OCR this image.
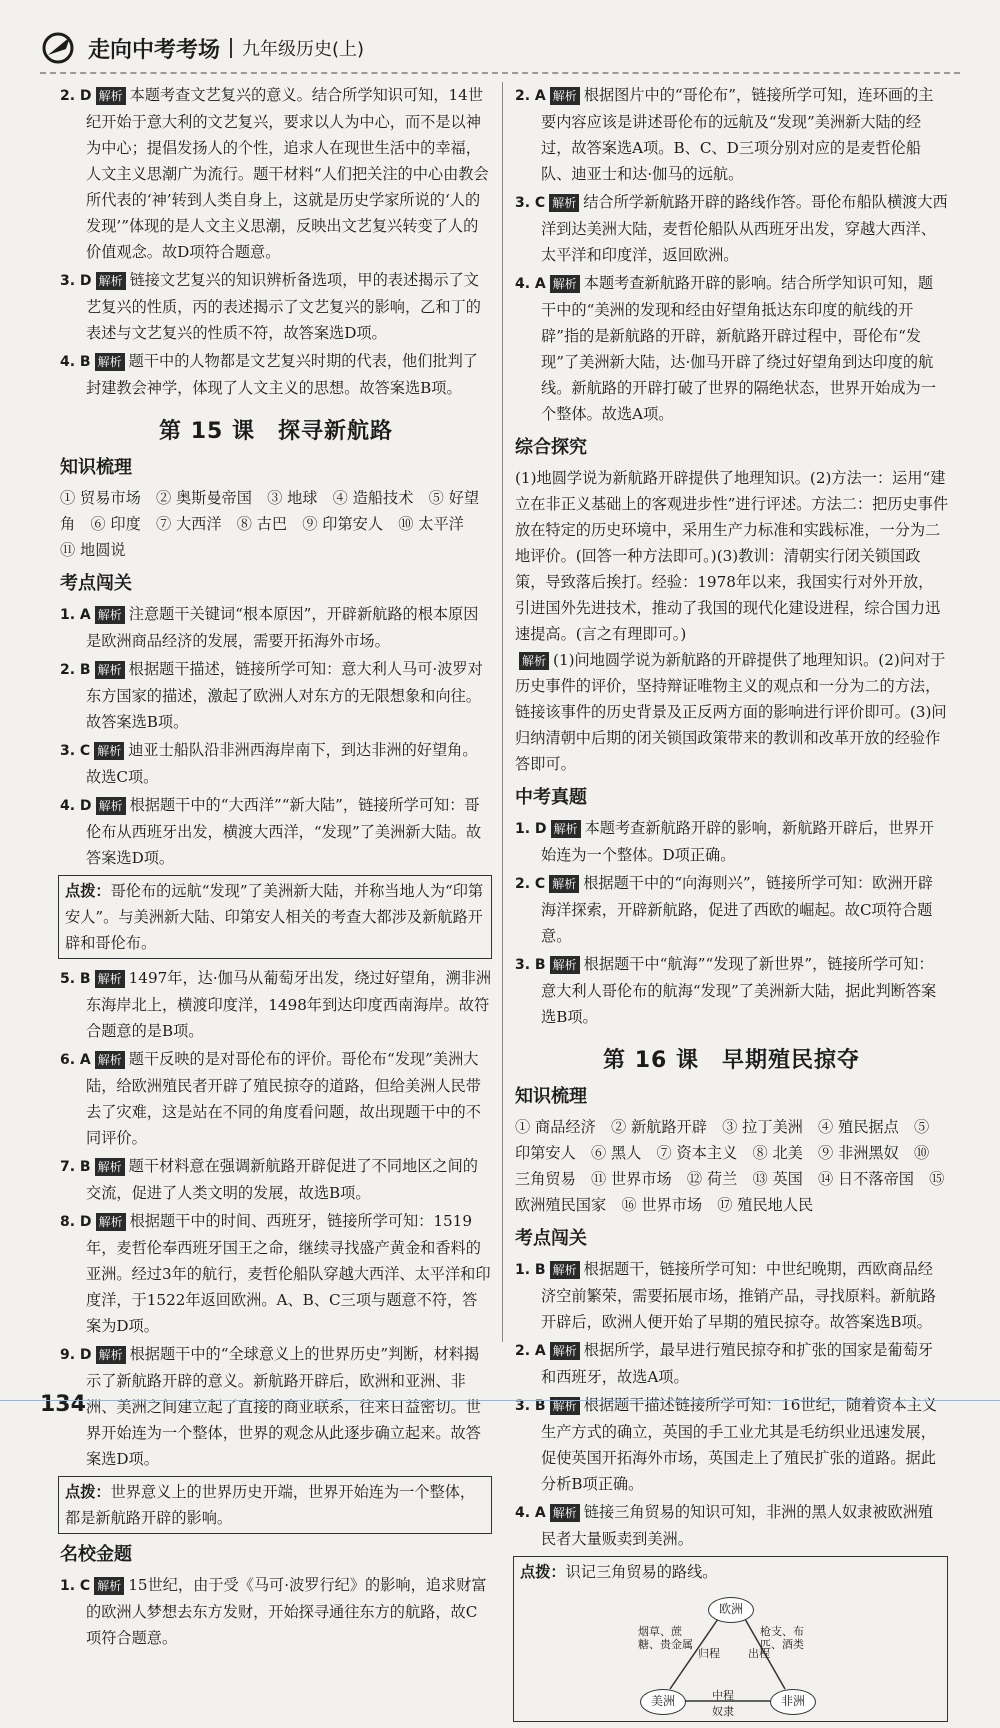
走向中考考场 九年级历史(上)
2. D 解析 本题考查文艺复兴的意义。结合所学知识可知，14世纪开始于意大利的文艺复兴，要求以人为中心，而不是以神为中心；提倡发扬人的个性，追求人在现世生活中的幸福，人文主义思潮广为流行。题干材料“人们把关注的中心由教会所代表的‘神’转到人类自身上，这就是历史学家所说的‘人的发现’”体现的是人文主义思潮，反映出文艺复兴转变了人的价值观念。故D项符合题意。
3. D 解析 链接文艺复兴的知识辨析备选项，甲的表述揭示了文艺复兴的性质，丙的表述揭示了文艺复兴的影响，乙和丁的表述与文艺复兴的性质不符，故答案选D项。
4. B 解析 题干中的人物都是文艺复兴时期的代表，他们批判了封建教会神学，体现了人文主义的思想。故答案选B项。
第 15 课　探寻新航路
知识梳理
① 贸易市场　② 奥斯曼帝国　③ 地球　④ 造船技术　⑤ 好望角　⑥ 印度　⑦ 大西洋　⑧ 古巴　⑨ 印第安人　⑩ 太平洋　⑪ 地圆说
考点闯关
1. A 解析 注意题干关键词“根本原因”，开辟新航路的根本原因是欧洲商品经济的发展，需要开拓海外市场。
2. B 解析 根据题干描述，链接所学可知：意大利人马可·波罗对东方国家的描述，激起了欧洲人对东方的无限想象和向往。故答案选B项。
3. C 解析 迪亚士船队沿非洲西海岸南下，到达非洲的好望角。故选C项。
4. D 解析 根据题干中的“大西洋”“新大陆”，链接所学可知：哥伦布从西班牙出发，横渡大西洋，“发现”了美洲新大陆。故答案选D项。
点拨：哥伦布的远航“发现”了美洲新大陆，并称当地人为“印第安人”。与美洲新大陆、印第安人相关的考查大都涉及新航路开辟和哥伦布。
5. B 解析 1497年，达·伽马从葡萄牙出发，绕过好望角，溯非洲东海岸北上，横渡印度洋，1498年到达印度西南海岸。故符合题意的是B项。
6. A 解析 题干反映的是对哥伦布的评价。哥伦布“发现”美洲大陆，给欧洲殖民者开辟了殖民掠夺的道路，但给美洲人民带去了灾难，这是站在不同的角度看问题，故出现题干中的不同评价。
7. B 解析 题干材料意在强调新航路开辟促进了不同地区之间的交流，促进了人类文明的发展，故选B项。
8. D 解析 根据题干中的时间、西班牙，链接所学可知：1519年，麦哲伦奉西班牙国王之命，继续寻找盛产黄金和香料的亚洲。经过3年的航行，麦哲伦船队穿越大西洋、太平洋和印度洋，于1522年返回欧洲。A、B、C三项与题意不符，答案为D项。
9. D 解析 根据题干中的“全球意义上的世界历史”判断，材料揭示了新航路开辟的意义。新航路开辟后，欧洲和亚洲、非洲、美洲之间建立起了直接的商业联系，往来日益密切。世界开始连为一个整体，世界的观念从此逐步确立起来。故答案选D项。
点拨：世界意义上的世界历史开端，世界开始连为一个整体，都是新航路开辟的影响。
名校金题
1. C 解析 15世纪，由于受《马可·波罗行纪》的影响，追求财富的欧洲人梦想去东方发财，开始探寻通往东方的航路，故C项符合题意。
2. A 解析 根据图片中的“哥伦布”，链接所学可知，连环画的主要内容应该是讲述哥伦布的远航及“发现”美洲新大陆的经过，故答案选A项。B、C、D三项分别对应的是麦哲伦船队、迪亚士和达·伽马的远航。
3. C 解析 结合所学新航路开辟的路线作答。哥伦布船队横渡大西洋到达美洲大陆，麦哲伦船队从西班牙出发，穿越大西洋、太平洋和印度洋，返回欧洲。
4. A 解析 本题考查新航路开辟的影响。结合所学知识可知，题干中的“美洲的发现和经由好望角抵达东印度的航线的开辟”指的是新航路的开辟，新航路开辟过程中，哥伦布“发现”了美洲新大陆，达·伽马开辟了绕过好望角到达印度的航线。新航路的开辟打破了世界的隔绝状态，世界开始成为一个整体。故选A项。
综合探究
(1)地圆学说为新航路开辟提供了地理知识。(2)方法一：运用“建立在非正义基础上的客观进步性”进行评述。方法二：把历史事件放在特定的历史环境中，采用生产力标准和实践标准，一分为二地评价。(回答一种方法即可。)(3)教训：清朝实行闭关锁国政策，导致落后挨打。经验：1978年以来，我国实行对外开放，引进国外先进技术，推动了我国的现代化建设进程，综合国力迅速提高。(言之有理即可。)
解析 (1)问地圆学说为新航路的开辟提供了地理知识。(2)问对于历史事件的评价，坚持辩证唯物主义的观点和一分为二的方法，链接该事件的历史背景及正反两方面的影响进行评价即可。(3)问归纳清朝中后期的闭关锁国政策带来的教训和改革开放的经验作答即可。
中考真题
1. D 解析 本题考查新航路开辟的影响，新航路开辟后，世界开始连为一个整体。D项正确。
2. C 解析 根据题干中的“向海则兴”，链接所学可知：欧洲开辟海洋探索，开辟新航路，促进了西欧的崛起。故C项符合题意。
3. B 解析 根据题干中“航海”“发现了新世界”，链接所学可知：意大利人哥伦布的航海“发现”了美洲新大陆，据此判断答案选B项。
第 16 课　早期殖民掠夺
知识梳理
① 商品经济　② 新航路开辟　③ 拉丁美洲　④ 殖民据点　⑤ 印第安人　⑥ 黑人　⑦ 资本主义　⑧ 北美　⑨ 非洲黑奴　⑩ 三角贸易　⑪ 世界市场　⑫ 荷兰　⑬ 英国　⑭ 日不落帝国　⑮ 欧洲殖民国家　⑯ 世界市场　⑰ 殖民地人民
考点闯关
1. B 解析 根据题干，链接所学可知：中世纪晚期，西欧商品经济空前繁荣，需要拓展市场，推销产品，寻找原料。新航路开辟后，欧洲人便开始了早期的殖民掠夺。故答案选B项。
2. A 解析 根据所学，最早进行殖民掠夺和扩张的国家是葡萄牙和西班牙，故选A项。
3. B 解析 根据题干描述链接所学可知：16世纪，随着资本主义生产方式的确立，英国的手工业尤其是毛纺织业迅速发展，促使英国开拓海外市场，英国走上了殖民扩张的道路。据此分析B项正确。
4. A 解析 链接三角贸易的知识可知，非洲的黑人奴隶被欧洲殖民者大量贩卖到美洲。
点拨：识记三角贸易的路线。
欧洲
美洲	非洲
烟草、蔗糖、贵金属
归程
枪支、布匹、酒类
出程
中程
奴隶
134
